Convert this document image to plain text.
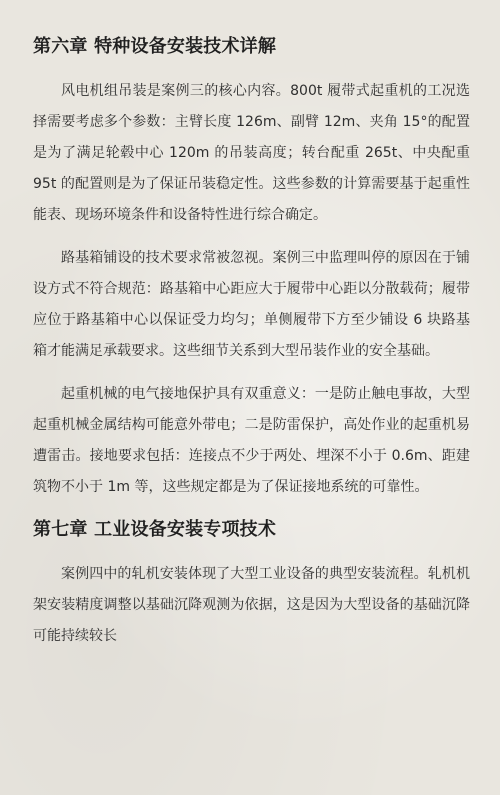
第六章 特种设备安装技术详解

风电机组吊装是案例三的核心内容。800t 履带式起重机的工况选择需要考虑多个参数：主臂长度 126m、副臂 12m、夹角 15°的配置是为了满足轮毂中心 120m 的吊装高度；转台配重 265t、中央配重 95t 的配置则是为了保证吊装稳定性。这些参数的计算需要基于起重性能表、现场环境条件和设备特性进行综合确定。

路基箱铺设的技术要求常被忽视。案例三中监理叫停的原因在于铺设方式不符合规范：路基箱中心距应大于履带中心距以分散载荷；履带应位于路基箱中心以保证受力均匀；单侧履带下方至少铺设 6 块路基箱才能满足承载要求。这些细节关系到大型吊装作业的安全基础。

起重机械的电气接地保护具有双重意义：一是防止触电事故，大型起重机械金属结构可能意外带电；二是防雷保护，高处作业的起重机易遭雷击。接地要求包括：连接点不少于两处、埋深不小于 0.6m、距建筑物不小于 1m 等，这些规定都是为了保证接地系统的可靠性。

第七章 工业设备安装专项技术

案例四中的轧机安装体现了大型工业设备的典型安装流程。轧机机架安装精度调整以基础沉降观测为依据，这是因为大型设备的基础沉降可能持续较长
